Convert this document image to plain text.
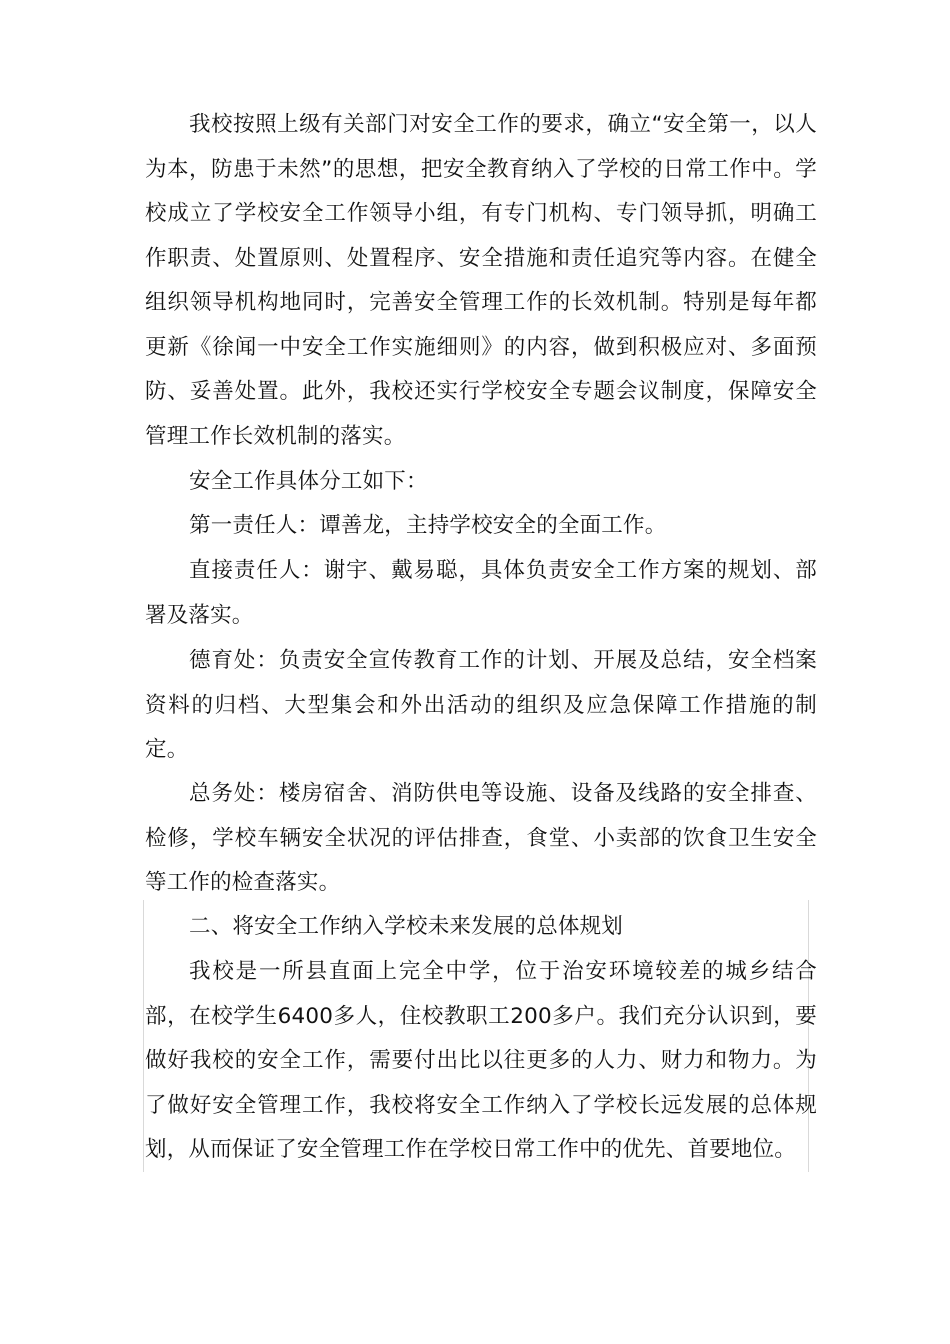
我校按照上级有关部门对安全工作的要求，确立“安全第一，以人为本，防患于未然”的思想，把安全教育纳入了学校的日常工作中。学校成立了学校安全工作领导小组，有专门机构、专门领导抓，明确工作职责、处置原则、处置程序、安全措施和责任追究等内容。在健全组织领导机构地同时，完善安全管理工作的长效机制。特别是每年都更新《徐闻一中安全工作实施细则》的内容，做到积极应对、多面预防、妥善处置。此外，我校还实行学校安全专题会议制度，保障安全管理工作长效机制的落实。

安全工作具体分工如下：

第一责任人：谭善龙，主持学校安全的全面工作。

直接责任人：谢宇、戴易聪，具体负责安全工作方案的规划、部署及落实。

德育处：负责安全宣传教育工作的计划、开展及总结，安全档案资料的归档、大型集会和外出活动的组织及应急保障工作措施的制定。

总务处：楼房宿舍、消防供电等设施、设备及线路的安全排查、检修，学校车辆安全状况的评估排查，食堂、小卖部的饮食卫生安全等工作的检查落实。

二、将安全工作纳入学校未来发展的总体规划

我校是一所县直面上完全中学，位于治安环境较差的城乡结合部，在校学生6400多人，住校教职工200多户。我们充分认识到，要做好我校的安全工作，需要付出比以往更多的人力、财力和物力。为了做好安全管理工作，我校将安全工作纳入了学校长远发展的总体规划，从而保证了安全管理工作在学校日常工作中的优先、首要地位。
